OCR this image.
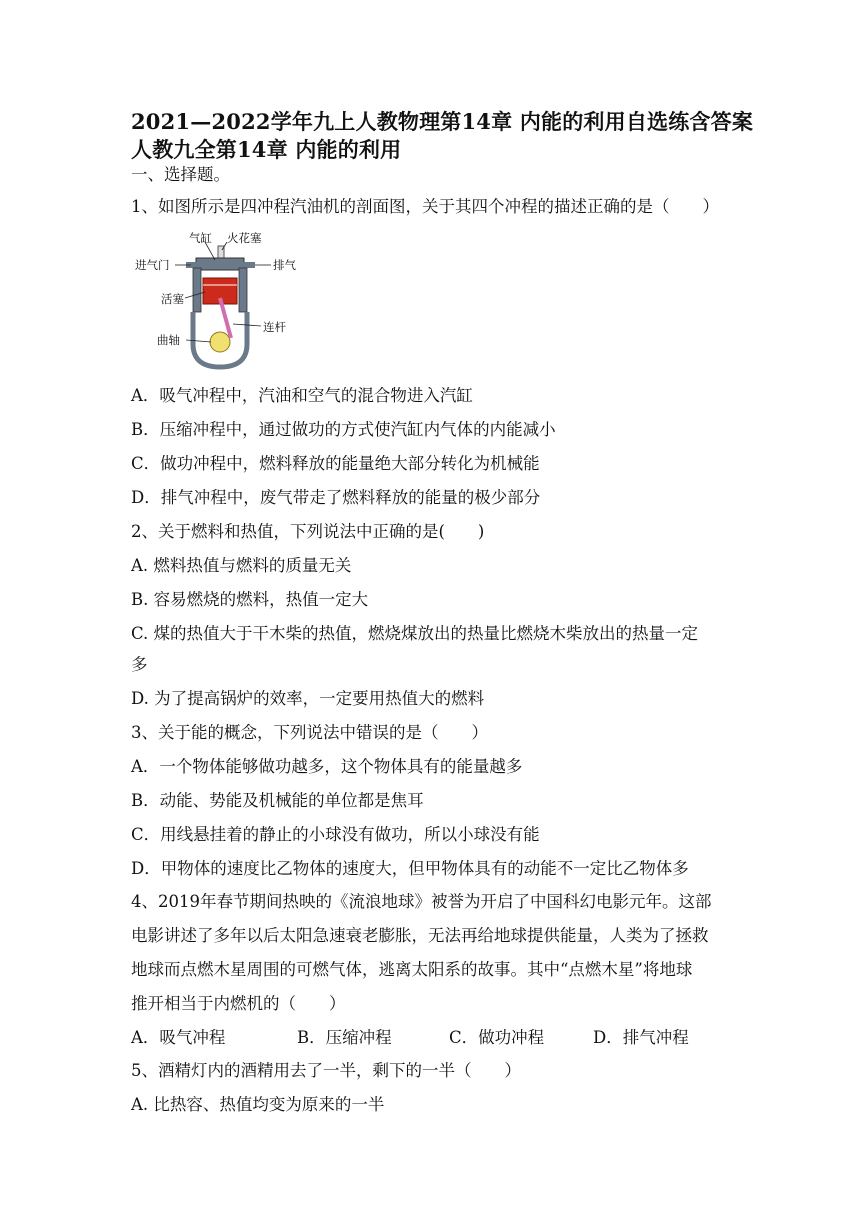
2021—2022学年九上人教物理第14章 内能的利用自选练含答案
人教九全第14章 内能的利用
一、选择题。
1、如图所示是四冲程汽油机的剖面图，关于其四个冲程的描述正确的是（　　）
气缸 火花塞
进气门	排气
活塞
连杆
曲轴
A．吸气冲程中，汽油和空气的混合物进入汽缸
B．压缩冲程中，通过做功的方式使汽缸内气体的内能减小
C．做功冲程中，燃料释放的能量绝大部分转化为机械能
D．排气冲程中，废气带走了燃料释放的能量的极少部分
2、关于燃料和热值，下列说法中正确的是(　　)
A. 燃料热值与燃料的质量无关
B. 容易燃烧的燃料，热值一定大
C. 煤的热值大于干木柴的热值，燃烧煤放出的热量比燃烧木柴放出的热量一定
多
D. 为了提高锅炉的效率，一定要用热值大的燃料
3、关于能的概念，下列说法中错误的是（　　）
A．一个物体能够做功越多，这个物体具有的能量越多
B．动能、势能及机械能的单位都是焦耳
C．用线悬挂着的静止的小球没有做功，所以小球没有能
D．甲物体的速度比乙物体的速度大，但甲物体具有的动能不一定比乙物体多
4、2019年春节期间热映的《流浪地球》被誉为开启了中国科幻电影元年。这部
电影讲述了多年以后太阳急速衰老膨胀，无法再给地球提供能量，人类为了拯救
地球而点燃木星周围的可燃气体，逃离太阳系的故事。其中“点燃木星”将地球
推开相当于内燃机的（　　）
A．吸气冲程	B．压缩冲程	C．做功冲程	D．排气冲程
5、酒精灯内的酒精用去了一半，剩下的一半（　　）
A. 比热容、热值均变为原来的一半
